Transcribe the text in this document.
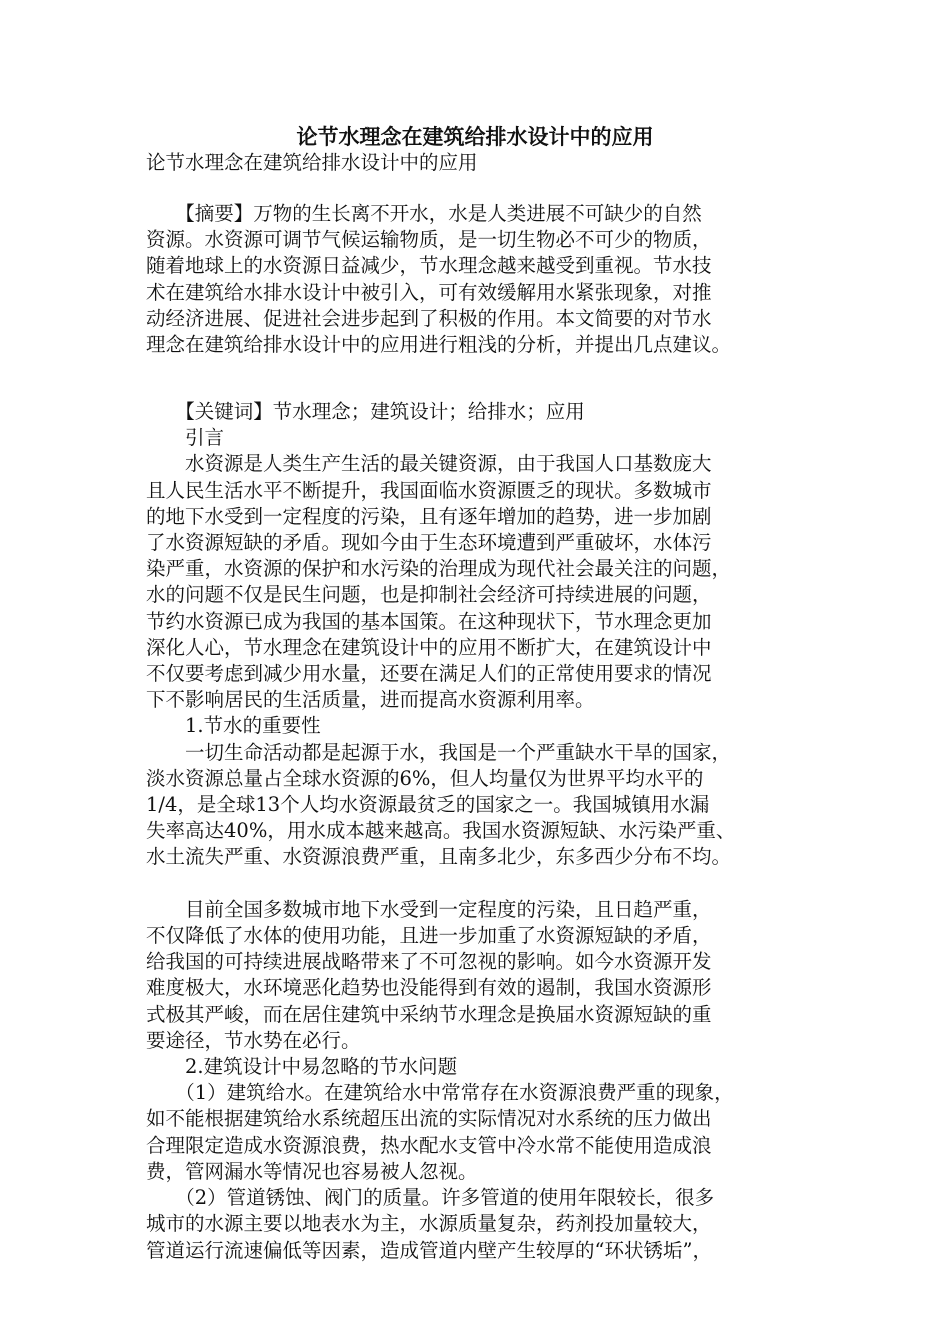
论节水理念在建筑给排水设计中的应用
论节水理念在建筑给排水设计中的应用
　　【摘要】万物的生长离不开水，水是人类进展不可缺少的自然
资源。水资源可调节气候运输物质，是一切生物必不可少的物质，
随着地球上的水资源日益减少，节水理念越来越受到重视。节水技
术在建筑给水排水设计中被引入，可有效缓解用水紧张现象，对推
动经济进展、促进社会进步起到了积极的作用。本文简要的对节水
理念在建筑给排水设计中的应用进行粗浅的分析，并提出几点建议。
　　【关键词】节水理念；建筑设计；给排水；应用
　　引言
　　水资源是人类生产生活的最关键资源，由于我国人口基数庞大
且人民生活水平不断提升，我国面临水资源匮乏的现状。多数城市
的地下水受到一定程度的污染，且有逐年增加的趋势，进一步加剧
了水资源短缺的矛盾。现如今由于生态环境遭到严重破坏，水体污
染严重，水资源的保护和水污染的治理成为现代社会最关注的问题，
水的问题不仅是民生问题，也是抑制社会经济可持续进展的问题，
节约水资源已成为我国的基本国策。在这种现状下，节水理念更加
深化人心，节水理念在建筑设计中的应用不断扩大，在建筑设计中
不仅要考虑到减少用水量，还要在满足人们的正常使用要求的情况
下不影响居民的生活质量，进而提高水资源利用率。
　　1.节水的重要性
　　一切生命活动都是起源于水，我国是一个严重缺水干旱的国家，
淡水资源总量占全球水资源的6%，但人均量仅为世界平均水平的
1/4，是全球13个人均水资源最贫乏的国家之一。我国城镇用水漏
失率高达40%，用水成本越来越高。我国水资源短缺、水污染严重、
水土流失严重、水资源浪费严重，且南多北少，东多西少分布不均。

　　目前全国多数城市地下水受到一定程度的污染，且日趋严重，
不仅降低了水体的使用功能，且进一步加重了水资源短缺的矛盾，
给我国的可持续进展战略带来了不可忽视的影响。如今水资源开发
难度极大，水环境恶化趋势也没能得到有效的遏制，我国水资源形
式极其严峻，而在居住建筑中采纳节水理念是换届水资源短缺的重
要途径，节水势在必行。
　　2.建筑设计中易忽略的节水问题
　　（1）建筑给水。在建筑给水中常常存在水资源浪费严重的现象，
如不能根据建筑给水系统超压出流的实际情况对水系统的压力做出
合理限定造成水资源浪费，热水配水支管中冷水常不能使用造成浪
费，管网漏水等情况也容易被人忽视。
　　（2）管道锈蚀、阀门的质量。许多管道的使用年限较长，很多
城市的水源主要以地表水为主，水源质量复杂，药剂投加量较大，
管道运行流速偏低等因素，造成管道内壁产生较厚的“环状锈垢”，
